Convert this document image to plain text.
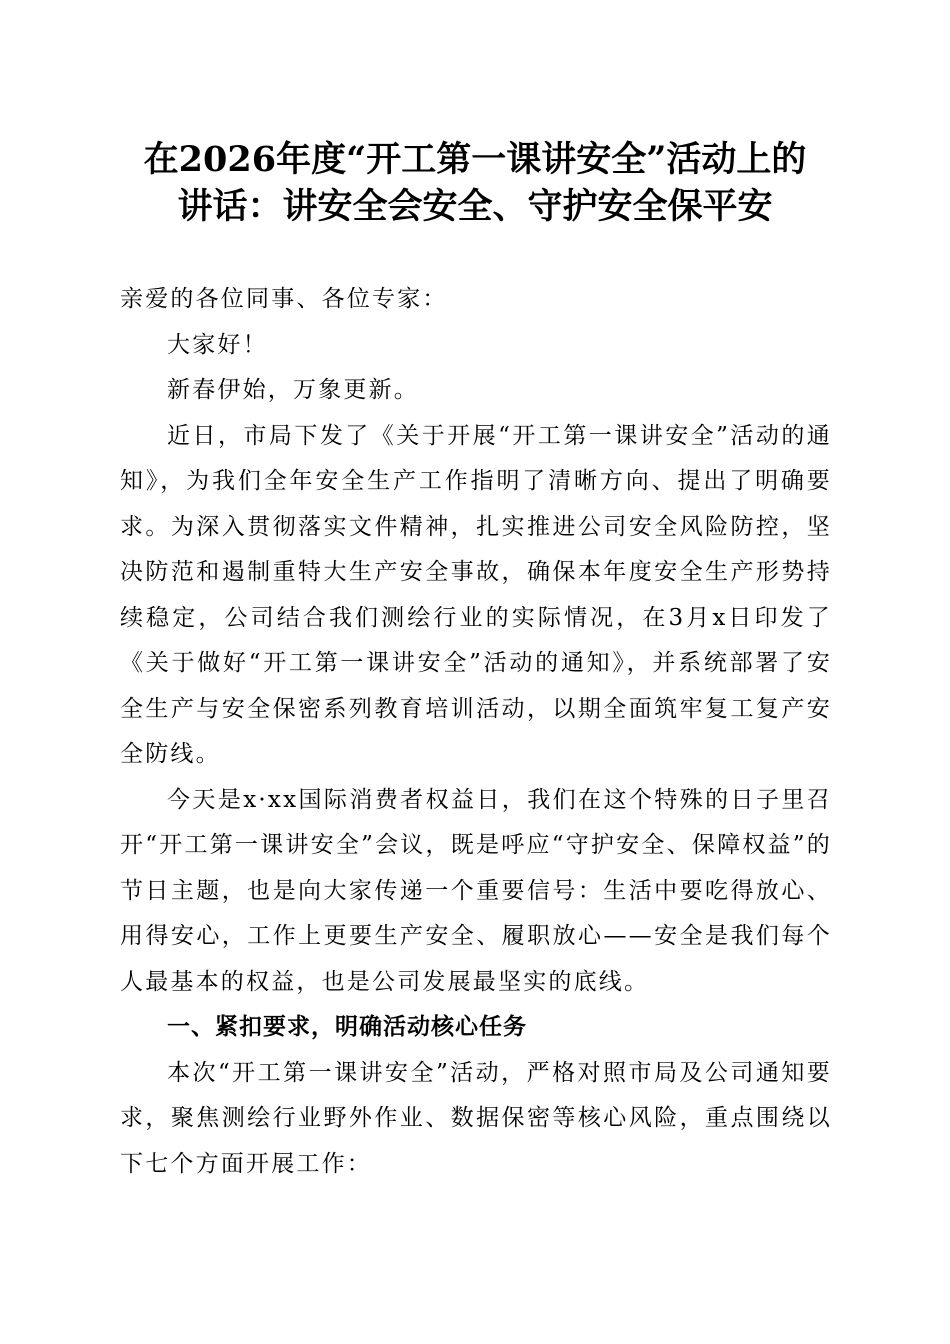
在2026年度“开工第一课讲安全”活动上的
讲话：讲安全会安全、守护安全保平安

亲爱的各位同事、各位专家：

大家好！

新春伊始，万象更新。

近日，市局下发了《关于开展“开工第一课讲安全”活动的通知》，为我们全年安全生产工作指明了清晰方向、提出了明确要求。为深入贯彻落实文件精神，扎实推进公司安全风险防控，坚决防范和遏制重特大生产安全事故，确保本年度安全生产形势持续稳定，公司结合我们测绘行业的实际情况，在3月x日印发了《关于做好“开工第一课讲安全”活动的通知》，并系统部署了安全生产与安全保密系列教育培训活动，以期全面筑牢复工复产安全防线。

今天是x·xx国际消费者权益日，我们在这个特殊的日子里召开“开工第一课讲安全”会议，既是呼应“守护安全、保障权益”的节日主题，也是向大家传递一个重要信号：生活中要吃得放心、用得安心，工作上更要生产安全、履职放心——安全是我们每个人最基本的权益，也是公司发展最坚实的底线。

一、紧扣要求，明确活动核心任务

本次“开工第一课讲安全”活动，严格对照市局及公司通知要求，聚焦测绘行业野外作业、数据保密等核心风险，重点围绕以下七个方面开展工作：
